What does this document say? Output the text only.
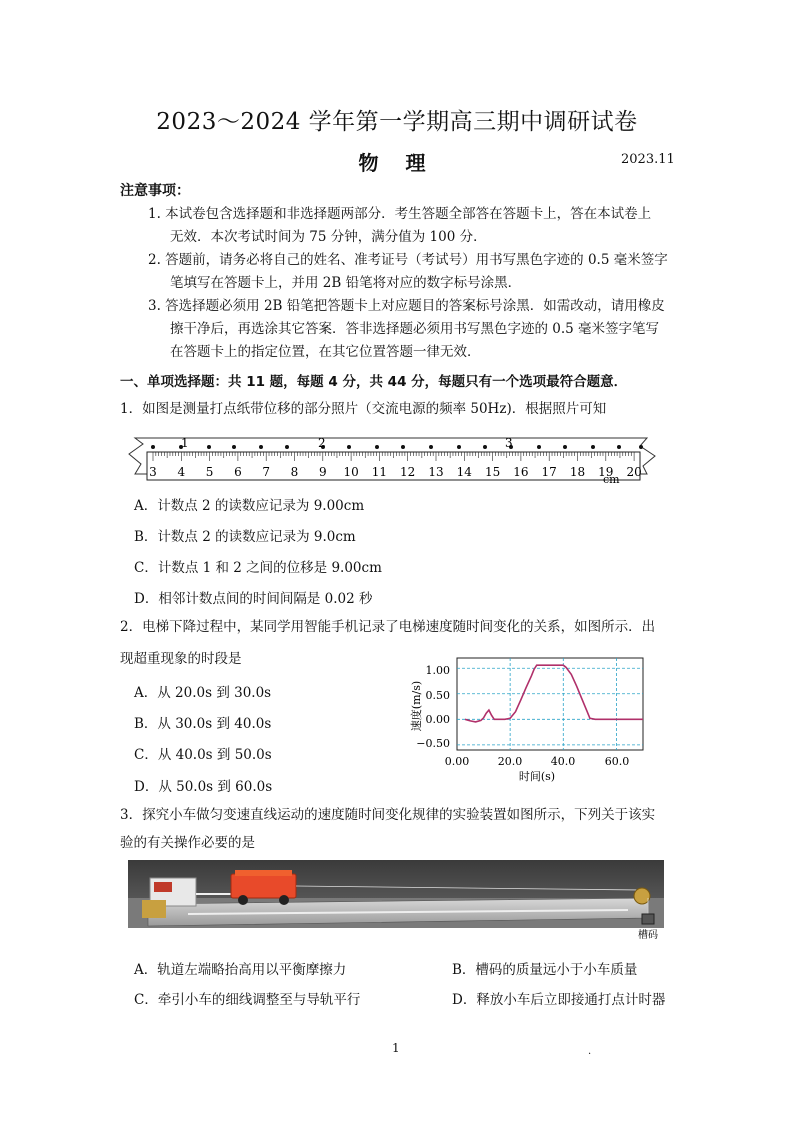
2023～2024 学年第一学期高三期中调研试卷
物 理	2023.11
注意事项：
1. 本试卷包含选择题和非选择题两部分．考生答题全部答在答题卡上，答在本试卷上
无效．本次考试时间为 75 分钟，满分值为 100 分．
2. 答题前，请务必将自己的姓名、准考证号（考试号）用书写黑色字迹的 0.5 毫米签字
笔填写在答题卡上，并用 2B 铅笔将对应的数字标号涂黑．
3. 答选择题必须用 2B 铅笔把答题卡上对应题目的答案标号涂黑．如需改动，请用橡皮
擦干净后，再选涂其它答案．答非选择题必须用书写黑色字迹的 0.5 毫米签字笔写
在答题卡上的指定位置，在其它位置答题一律无效．
一、单项选择题：共 11 题，每题 4 分，共 44 分，每题只有一个选项最符合题意．
1．如图是测量打点纸带位移的部分照片（交流电源的频率 50Hz)．根据照片可知
3 4 5 6 7 8 9 10 11 12 13 14 15 16 17 18 19 20
1	2	3
cm
A．计数点 2 的读数应记录为 9.00cm
B．计数点 2 的读数应记录为 9.0cm
C．计数点 1 和 2 之间的位移是 9.00cm
D．相邻计数点间的时间间隔是 0.02 秒
2．电梯下降过程中，某同学用智能手机记录了电梯速度随时间变化的关系，如图所示．出
现超重现象的时段是
A．从 20.0s 到 30.0s
B．从 30.0s 到 40.0s
C．从 40.0s 到 50.0s
D．从 50.0s 到 60.0s
1.00
0.50
0.00
−0.50
0.00	20.0	40.0	60.0
时间(s)
速度(m/s)
3．探究小车做匀变速直线运动的速度随时间变化规律的实验装置如图所示，下列关于该实
验的有关操作必要的是
槽码
A．轨道左端略抬高用以平衡摩擦力	B．槽码的质量远小于小车质量
C．牵引小车的细线调整至与导轨平行	D．释放小车后立即接通打点计时器
1	.
